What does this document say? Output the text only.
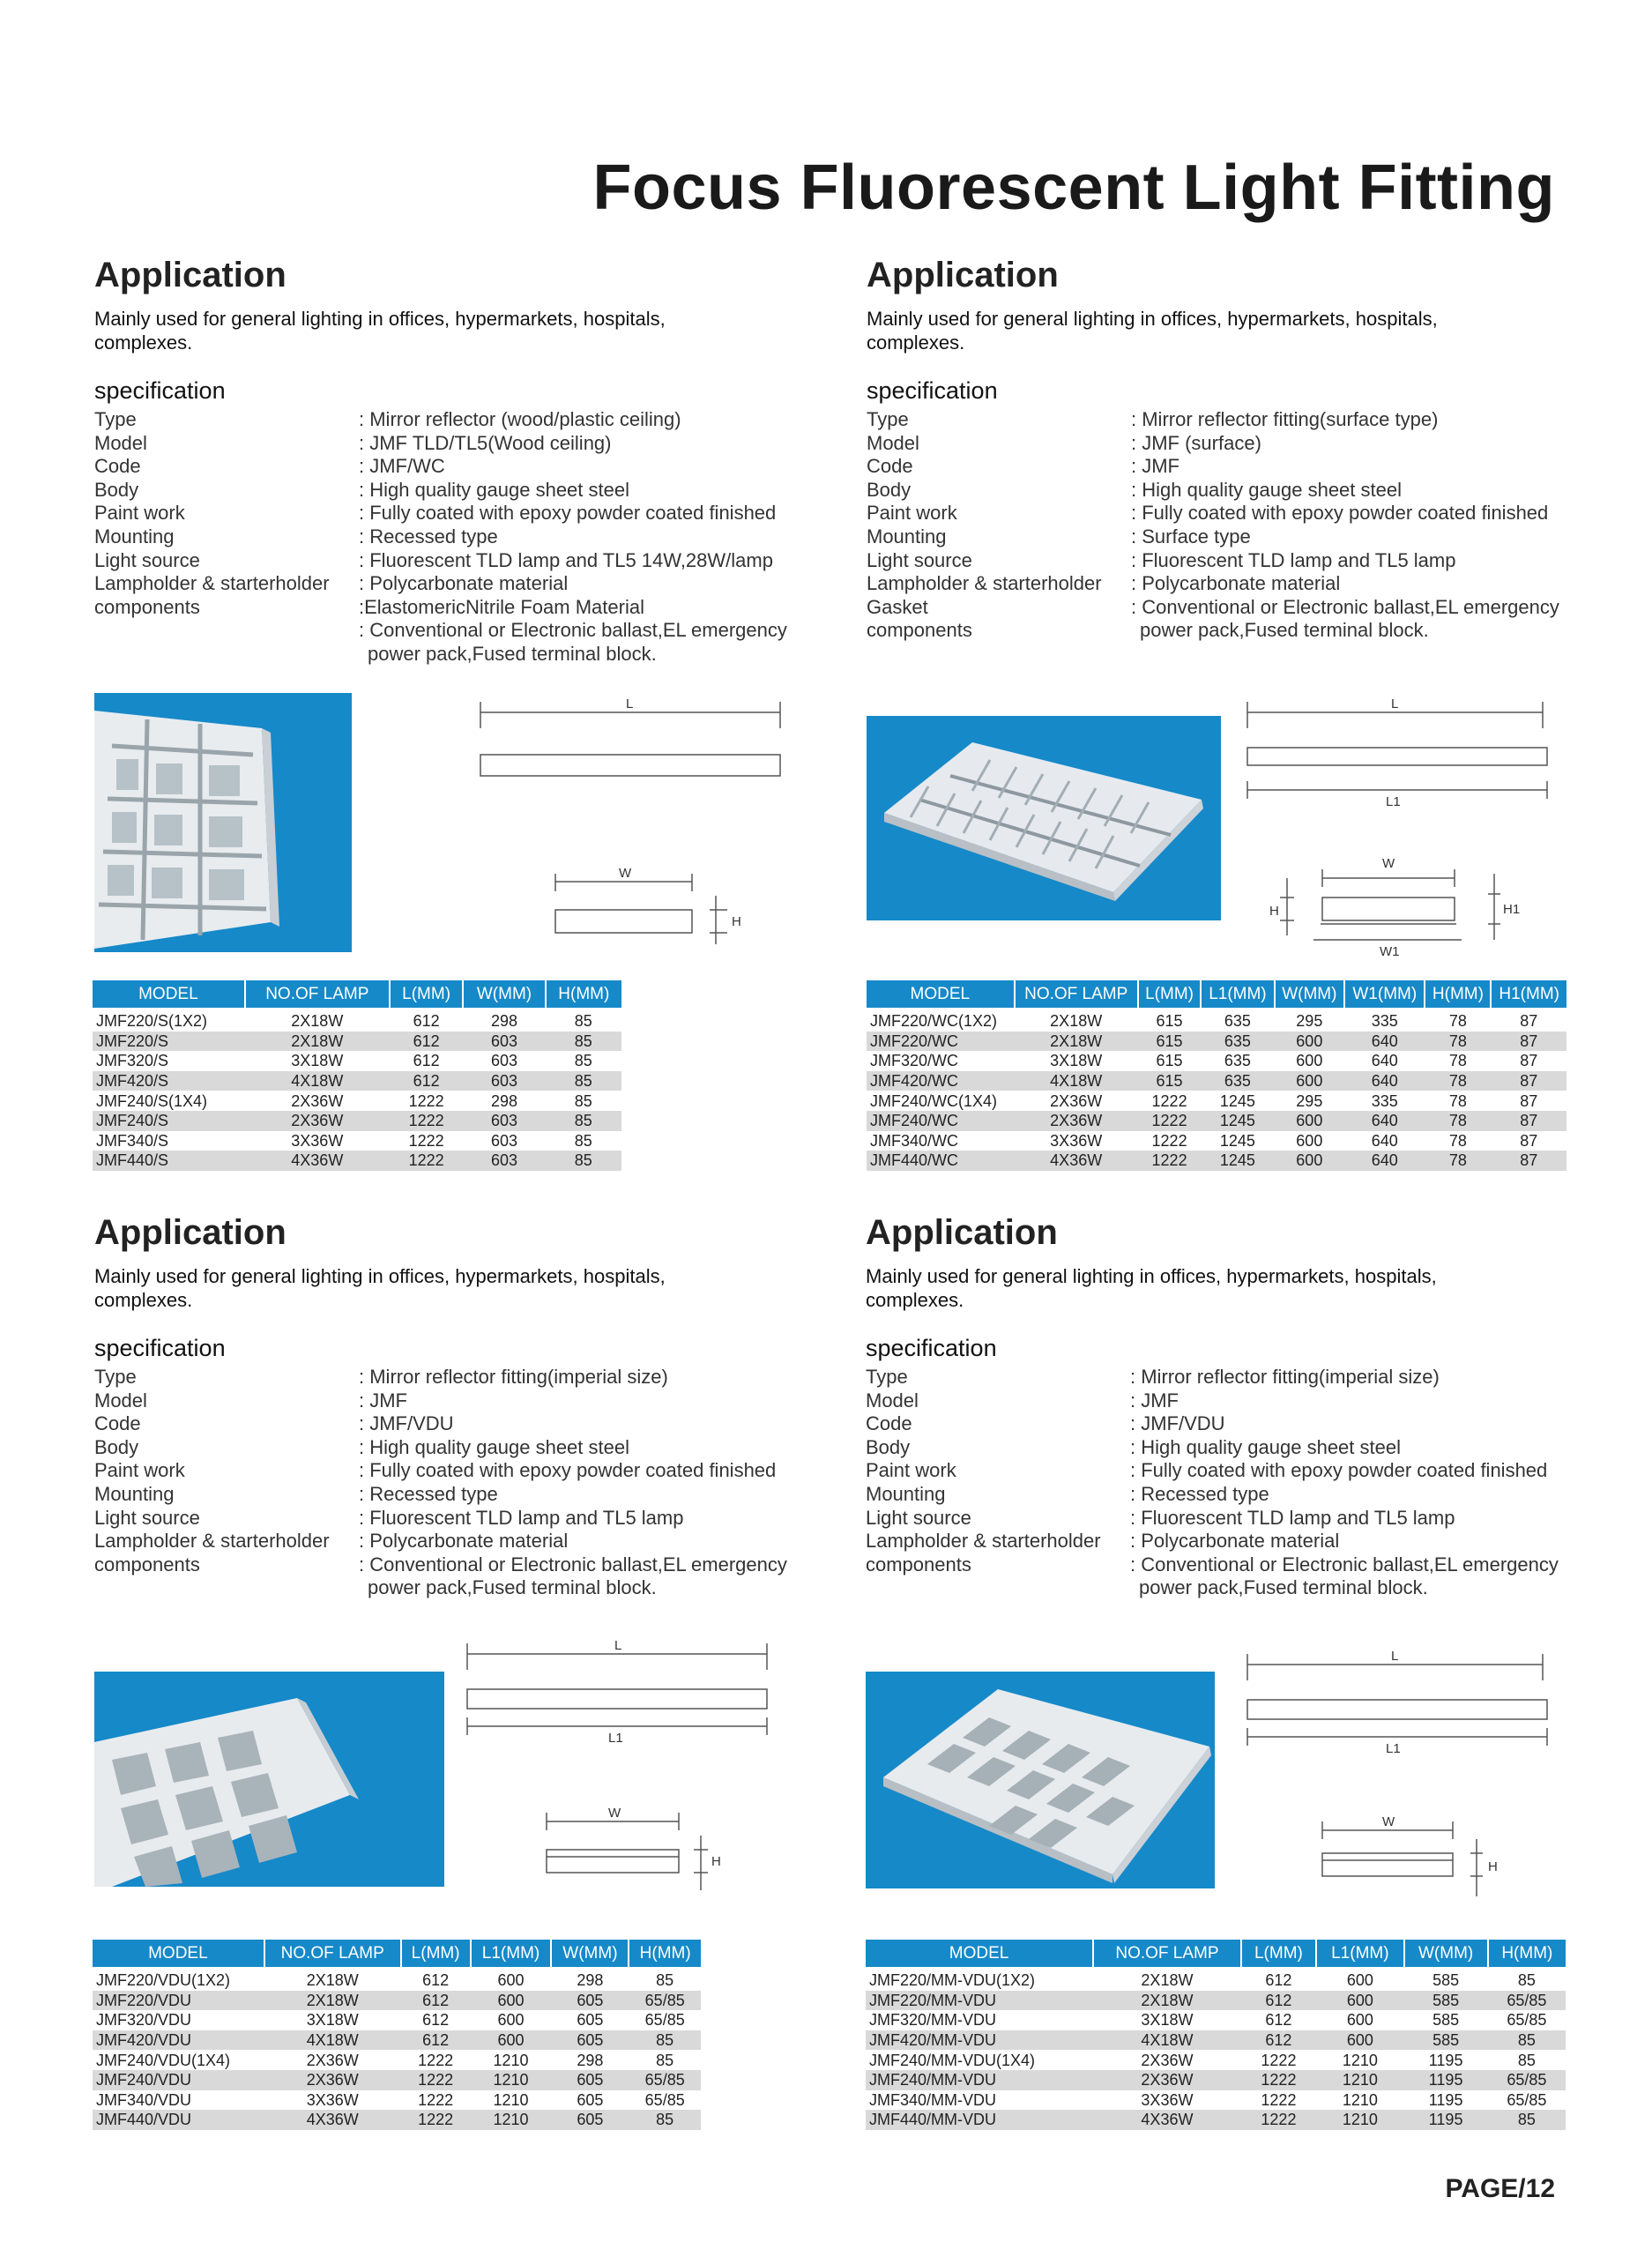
Focus Fluorescent Light Fitting
Application

Mainly used for general lighting in offices, hypermarkets, hospitals, complexes.

specification
Type	: Mirror reflector (wood/plastic ceiling)
Model	: JMF TLD/TL5(Wood ceiling)
Code	: JMF/WC
Body	: High quality gauge sheet steel
Paint work	: Fully coated with epoxy powder coated finished
Mounting	: Recessed type
Light source	: Fluorescent TLD lamp and TL5 14W,28W/lamp
Lampholder & starterholder	: Polycarbonate material
components	:ElastomericNitrile Foam Material
: Conventional or Electronic ballast,EL emergency
power pack,Fused terminal block.
L
W
H
MODEL	NO.OF LAMP	L(MM)	W(MM)	H(MM)
JMF220/S(1X2)	2X18W	612	298	85
JMF220/S	2X18W	612	603	85
JMF320/S	3X18W	612	603	85
JMF420/S	4X18W	612	603	85
JMF240/S(1X4)	2X36W	1222	298	85
JMF240/S	2X36W	1222	603	85
JMF340/S	3X36W	1222	603	85
JMF440/S	4X36W	1222	603	85
Application

Mainly used for general lighting in offices, hypermarkets, hospitals, complexes.

specification
Type	: Mirror reflector fitting(surface type)
Model	: JMF (surface)
Code	: JMF
Body	: High quality gauge sheet steel
Paint work	: Fully coated with epoxy powder coated finished
Mounting	: Surface type
Light source	: Fluorescent TLD lamp and TL5 lamp
Lampholder & starterholder	: Polycarbonate material
Gasket	: Conventional or Electronic ballast,EL emergency
components	power pack,Fused terminal block.
L
L1
W
W1
H	H1
MODEL	NO.OF LAMP	L(MM)	L1(MM)	W(MM)	W1(MM)	H(MM)	H1(MM)
JMF220/WC(1X2)	2X18W	615	635	295	335	78	87
JMF220/WC	2X18W	615	635	600	640	78	87
JMF320/WC	3X18W	615	635	600	640	78	87
JMF420/WC	4X18W	615	635	600	640	78	87
JMF240/WC(1X4)	2X36W	1222	1245	295	335	78	87
JMF240/WC	2X36W	1222	1245	600	640	78	87
JMF340/WC	3X36W	1222	1245	600	640	78	87
JMF440/WC	4X36W	1222	1245	600	640	78	87
Application

Mainly used for general lighting in offices, hypermarkets, hospitals, complexes.

specification
Type	: Mirror reflector fitting(imperial size)
Model	: JMF
Code	: JMF/VDU
Body	: High quality gauge sheet steel
Paint work	: Fully coated with epoxy powder coated finished
Mounting	: Recessed type
Light source	: Fluorescent TLD lamp and TL5 lamp
Lampholder & starterholder	: Polycarbonate material
components	: Conventional or Electronic ballast,EL emergency
power pack,Fused terminal block.
L
L1
W
H
MODEL	NO.OF LAMP	L(MM)	L1(MM)	W(MM)	H(MM)
JMF220/VDU(1X2)	2X18W	612	600	298	85
JMF220/VDU	2X18W	612	600	605	65/85
JMF320/VDU	3X18W	612	600	605	65/85
JMF420/VDU	4X18W	612	600	605	85
JMF240/VDU(1X4)	2X36W	1222	1210	298	85
JMF240/VDU	2X36W	1222	1210	605	65/85
JMF340/VDU	3X36W	1222	1210	605	65/85
JMF440/VDU	4X36W	1222	1210	605	85
Application

Mainly used for general lighting in offices, hypermarkets, hospitals, complexes.

specification
Type	: Mirror reflector fitting(imperial size)
Model	: JMF
Code	: JMF/VDU
Body	: High quality gauge sheet steel
Paint work	: Fully coated with epoxy powder coated finished
Mounting	: Recessed type
Light source	: Fluorescent TLD lamp and TL5 lamp
Lampholder & starterholder	: Polycarbonate material
components	: Conventional or Electronic ballast,EL emergency
power pack,Fused terminal block.
L
L1
W
H
MODEL	NO.OF LAMP	L(MM)	L1(MM)	W(MM)	H(MM)
JMF220/MM-VDU(1X2)	2X18W	612	600	585	85
JMF220/MM-VDU	2X18W	612	600	585	65/85
JMF320/MM-VDU	3X18W	612	600	585	65/85
JMF420/MM-VDU	4X18W	612	600	585	85
JMF240/MM-VDU(1X4)	2X36W	1222	1210	1195	85
JMF240/MM-VDU	2X36W	1222	1210	1195	65/85
JMF340/MM-VDU	3X36W	1222	1210	1195	65/85
JMF440/MM-VDU	4X36W	1222	1210	1195	85
PAGE/12
